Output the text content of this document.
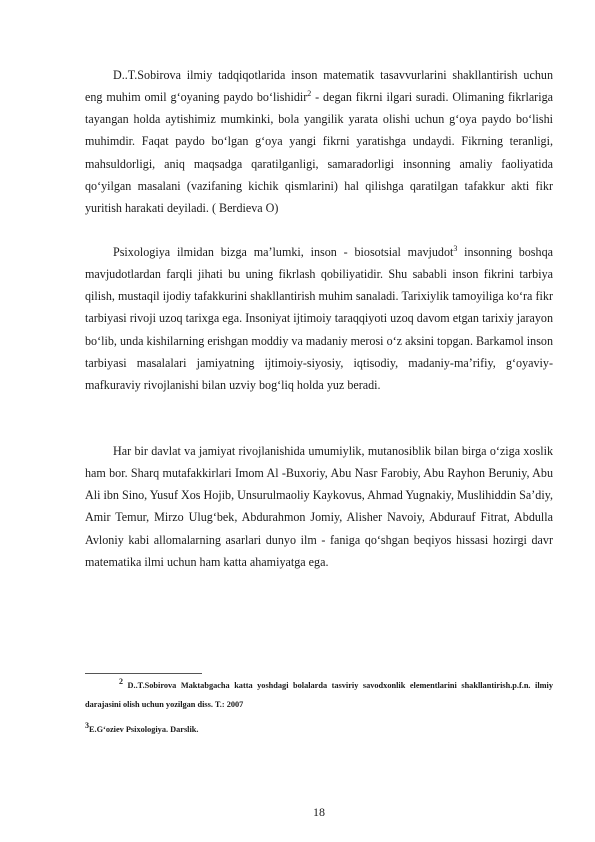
D..T.Sobirova ilmiy tadqiqotlarida inson matematik tasavvurlarini shakllantirish uchun eng muhim omil g‘oyaning paydo bo‘lishidir$^2$ - degan fikrni ilgari suradi. Olimaning fikrlariga tayangan holda aytishimiz mumkinki, bola yangilik yarata olishi uchun g‘oya paydo bo‘lishi muhimdir. Faqat paydo bo‘lgan g‘oya yangi fikrni yaratishga undaydi. Fikrning teranligi, mahsuldorligi, aniq maqsadga qaratilganligi, samaradorligi insonning amaliy faoliyatida qo‘yilgan masalani (vazifaning kichik qismlarini) hal qilishga qaratilgan tafakkur akti fikr yuritish harakati deyiladi. ( Berdieva O)

Psixologiya ilmidan bizga ma’lumki, inson - biosotsial mavjudot$^3$ insonning boshqa mavjudotlardan farqli jihati bu uning fikrlash qobiliyatidir. Shu sababli inson fikrini tarbiya qilish, mustaqil ijodiy tafakkurini shakllantirish muhim sanaladi. Tarixiylik tamoyiliga ko‘ra fikr tarbiyasi rivoji uzoq tarixga ega. Insoniyat ijtimoiy taraqqiyoti uzoq davom etgan tarixiy jarayon bo‘lib, unda kishilarning erishgan moddiy va madaniy merosi o‘z aksini topgan. Barkamol inson tarbiyasi masalalari jamiyatning ijtimoiy-siyosiy, iqtisodiy, madaniy-ma’rifiy, g‘oyaviy-mafkuraviy rivojlanishi bilan uzviy bog‘liq holda yuz beradi.

Har bir davlat va jamiyat rivojlanishida umumiylik, mutanosiblik bilan birga o‘ziga xoslik ham bor. Sharq mutafakkirlari Imom Al -Buxoriy, Abu Nasr Farobiy, Abu Rayhon Beruniy, Abu Ali ibn Sino, Yusuf Xos Hojib, Unsurulmaoliy Kaykovus, Ahmad Yugnakiy, Muslihiddin Sa’diy, Amir Temur, Mirzo Ulug‘bek, Abdurahmon Jomiy, Alisher Navoiy, Abdurauf Fitrat, Abdulla Avloniy kabi allomalarning asarlari dunyo ilm - faniga qo‘shgan beqiyos hissasi hozirgi davr matematika ilmi uchun ham katta ahamiyatga ega.

$^2$ D..T.Sobirova Maktabgacha katta yoshdagi bolalarda tasviriy savodxonlik elementlarini shakllantirish.p.f.n. ilmiy darajasini olish uchun yozilgan diss. T.: 2007

$^3$E.G‘oziev Psixologiya. Darslik.

18
